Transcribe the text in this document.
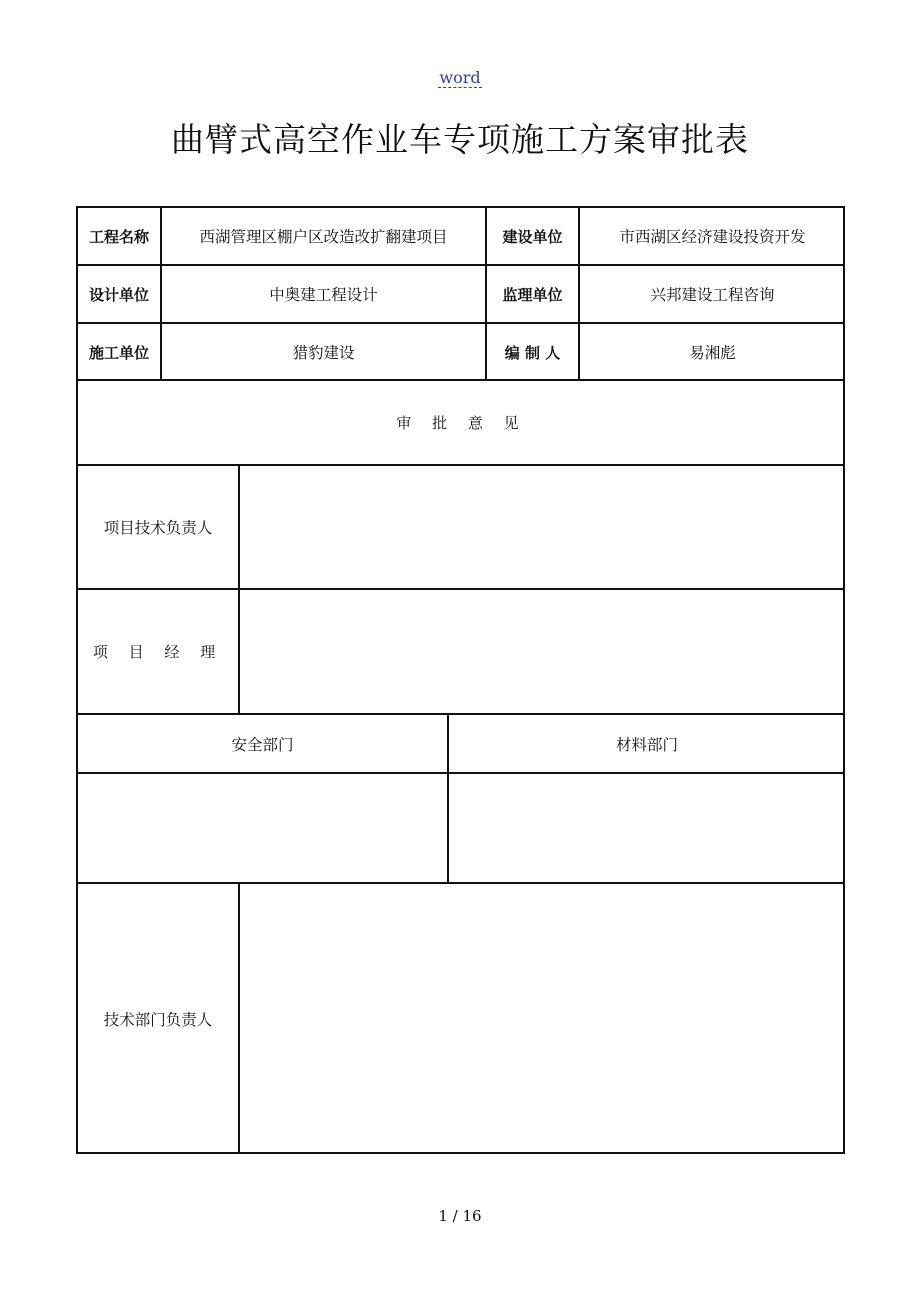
word
曲臂式高空作业车专项施工方案审批表
工程名称	西湖管理区棚户区改造改扩翻建项目	建设单位	市西湖区经济建设投资开发
设计单位	中奥建工程设计	监理单位	兴邦建设工程咨询
施工单位	猎豹建设	编 制 人	易湘彪
审 批 意 见
项目技术负责人
项 目 经 理
安全部门	材料部门
技术部门负责人
1 / 16
